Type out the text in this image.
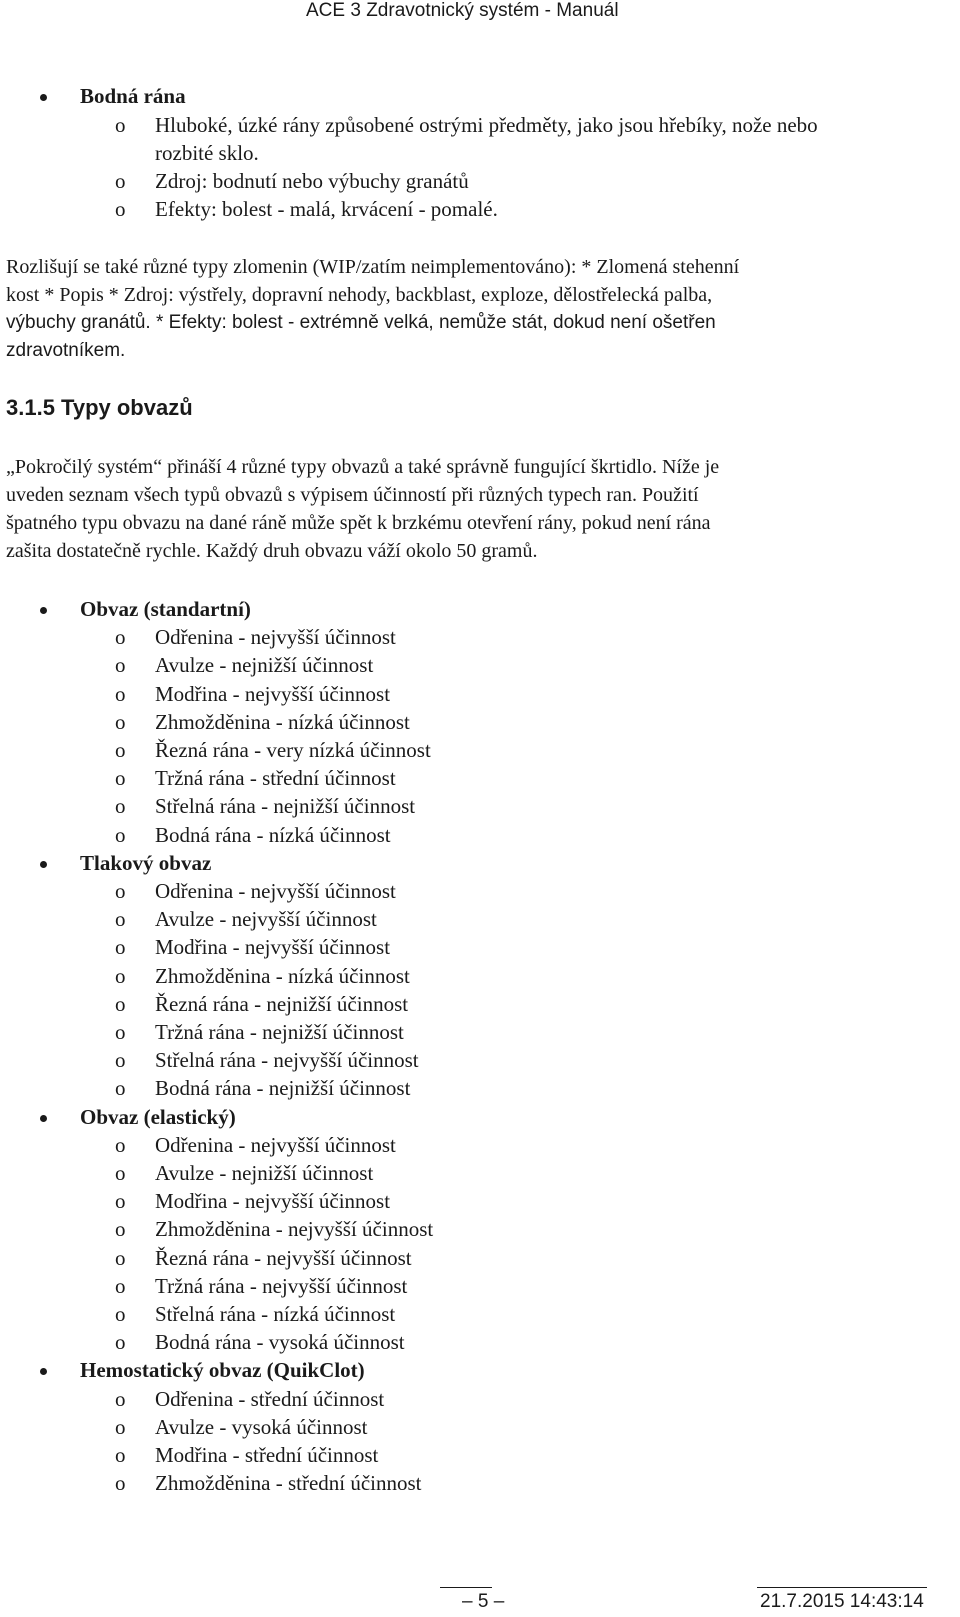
ACE 3 Zdravotnický systém - Manuál
Bodná rána
o Hluboké, úzké rány způsobené ostrými předměty, jako jsou hřebíky, nože nebo
rozbité sklo.
o Zdroj: bodnutí nebo výbuchy granátů
o Efekty: bolest - malá, krvácení - pomalé.
Rozlišují se také různé typy zlomenin (WIP/zatím neimplementováno): * Zlomená stehenní
kost * Popis * Zdroj: výstřely, dopravní nehody, backblast, exploze, dělostřelecká palba,
výbuchy granátů. * Efekty: bolest - extrémně velká, nemůže stát, dokud není ošetřen
zdravotníkem.
3.1.5 Typy obvazů
„Pokročilý systém“ přináší 4 různé typy obvazů a také správně fungující škrtidlo. Níže je
uveden seznam všech typů obvazů s výpisem účinností při různých typech ran. Použití
špatného typu obvazu na dané ráně může spět k brzkému otevření rány, pokud není rána
zašita dostatečně rychle. Každý druh obvazu váží okolo 50 gramů.
Obvaz (standartní)
o Odřenina - nejvyšší účinnost
o Avulze - nejnižší účinnost
o Modřina - nejvyšší účinnost
o Zhmožděnina - nízká účinnost
o Řezná rána - very nízká účinnost
o Tržná rána - střední účinnost
o Střelná rána - nejnižší účinnost
o Bodná rána - nízká účinnost
Tlakový obvaz
o Odřenina - nejvyšší účinnost
o Avulze - nejvyšší účinnost
o Modřina - nejvyšší účinnost
o Zhmožděnina - nízká účinnost
o Řezná rána - nejnižší účinnost
o Tržná rána - nejnižší účinnost
o Střelná rána - nejvyšší účinnost
o Bodná rána - nejnižší účinnost
Obvaz (elastický)
o Odřenina - nejvyšší účinnost
o Avulze - nejnižší účinnost
o Modřina - nejvyšší účinnost
o Zhmožděnina - nejvyšší účinnost
o Řezná rána - nejvyšší účinnost
o Tržná rána - nejvyšší účinnost
o Střelná rána - nízká účinnost
o Bodná rána - vysoká účinnost
Hemostatický obvaz (QuikClot)
o Odřenina - střední účinnost
o Avulze - vysoká účinnost
o Modřina - střední účinnost
o Zhmožděnina - střední účinnost
– 5 –	21.7.2015 14:43:14
